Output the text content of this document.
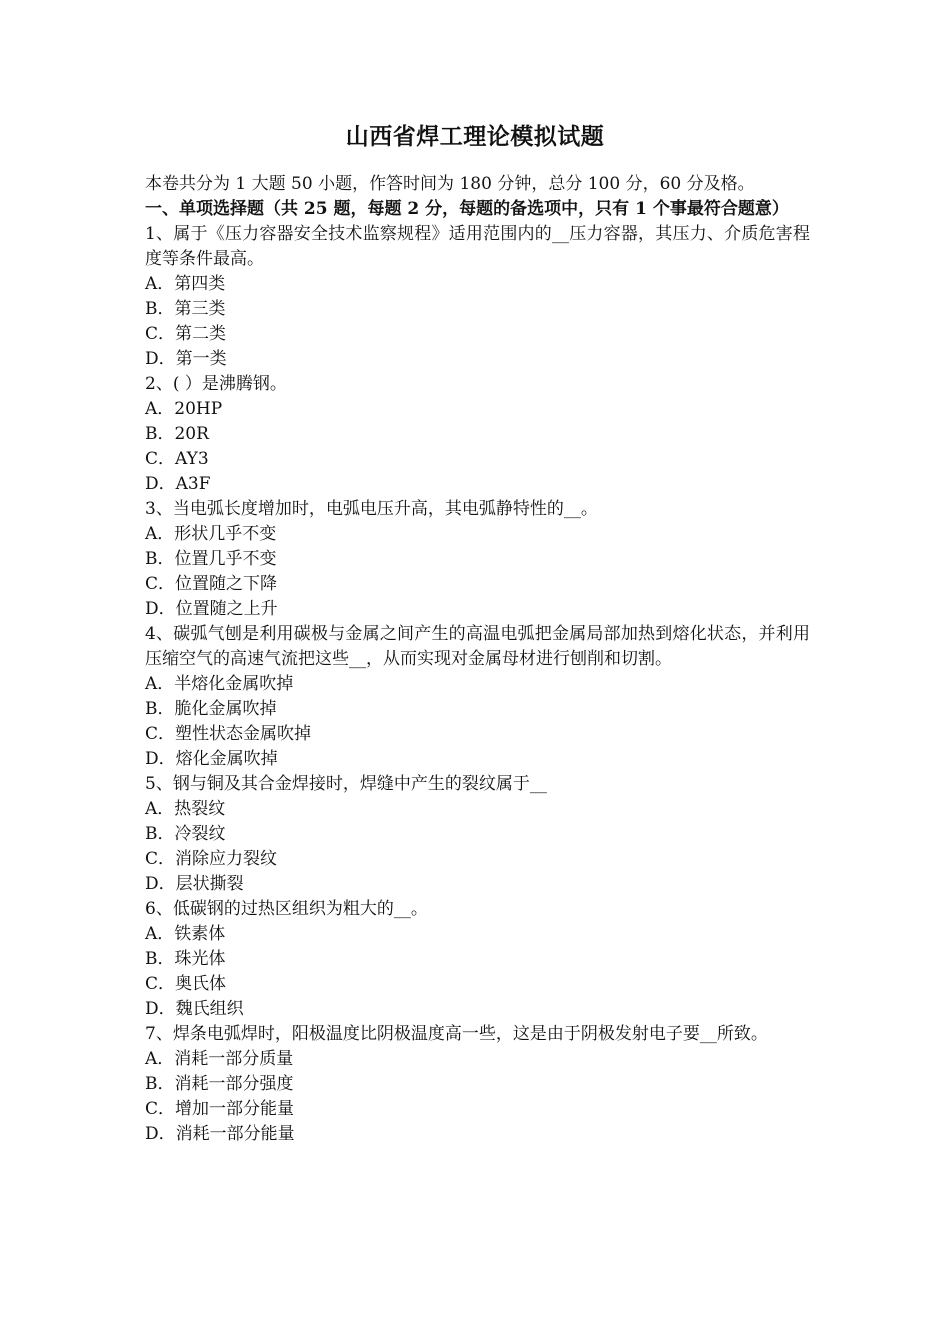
山西省焊工理论模拟试题

本卷共分为 1 大题 50 小题，作答时间为 180 分钟，总分 100 分，60 分及格。

一、单项选择题（共 25 题，每题 2 分，每题的备选项中，只有 1 个事最符合题意）

1、属于《压力容器安全技术监察规程》适用范围内的__压力容器，其压力、介质危害程度等条件最高。

A．第四类

B．第三类

C．第二类

D．第一类

2、( ）是沸腾钢。

A．20HP

B．20R

C．AY3

D．A3F

3、当电弧长度增加时，电弧电压升高，其电弧静特性的__。

A．形状几乎不变

B．位置几乎不变

C．位置随之下降

D．位置随之上升

4、碳弧气刨是利用碳极与金属之间产生的高温电弧把金属局部加热到熔化状态，并利用压缩空气的高速气流把这些__，从而实现对金属母材进行刨削和切割。

A．半熔化金属吹掉

B．脆化金属吹掉

C．塑性状态金属吹掉

D．熔化金属吹掉

5、钢与铜及其合金焊接时，焊缝中产生的裂纹属于__

A．热裂纹

B．冷裂纹

C．消除应力裂纹

D．层状撕裂

6、低碳钢的过热区组织为粗大的__。

A．铁素体

B．珠光体

C．奥氏体

D．魏氏组织

7、焊条电弧焊时，阳极温度比阴极温度高一些，这是由于阴极发射电子要__所致。

A．消耗一部分质量

B．消耗一部分强度

C．增加一部分能量

D．消耗一部分能量
